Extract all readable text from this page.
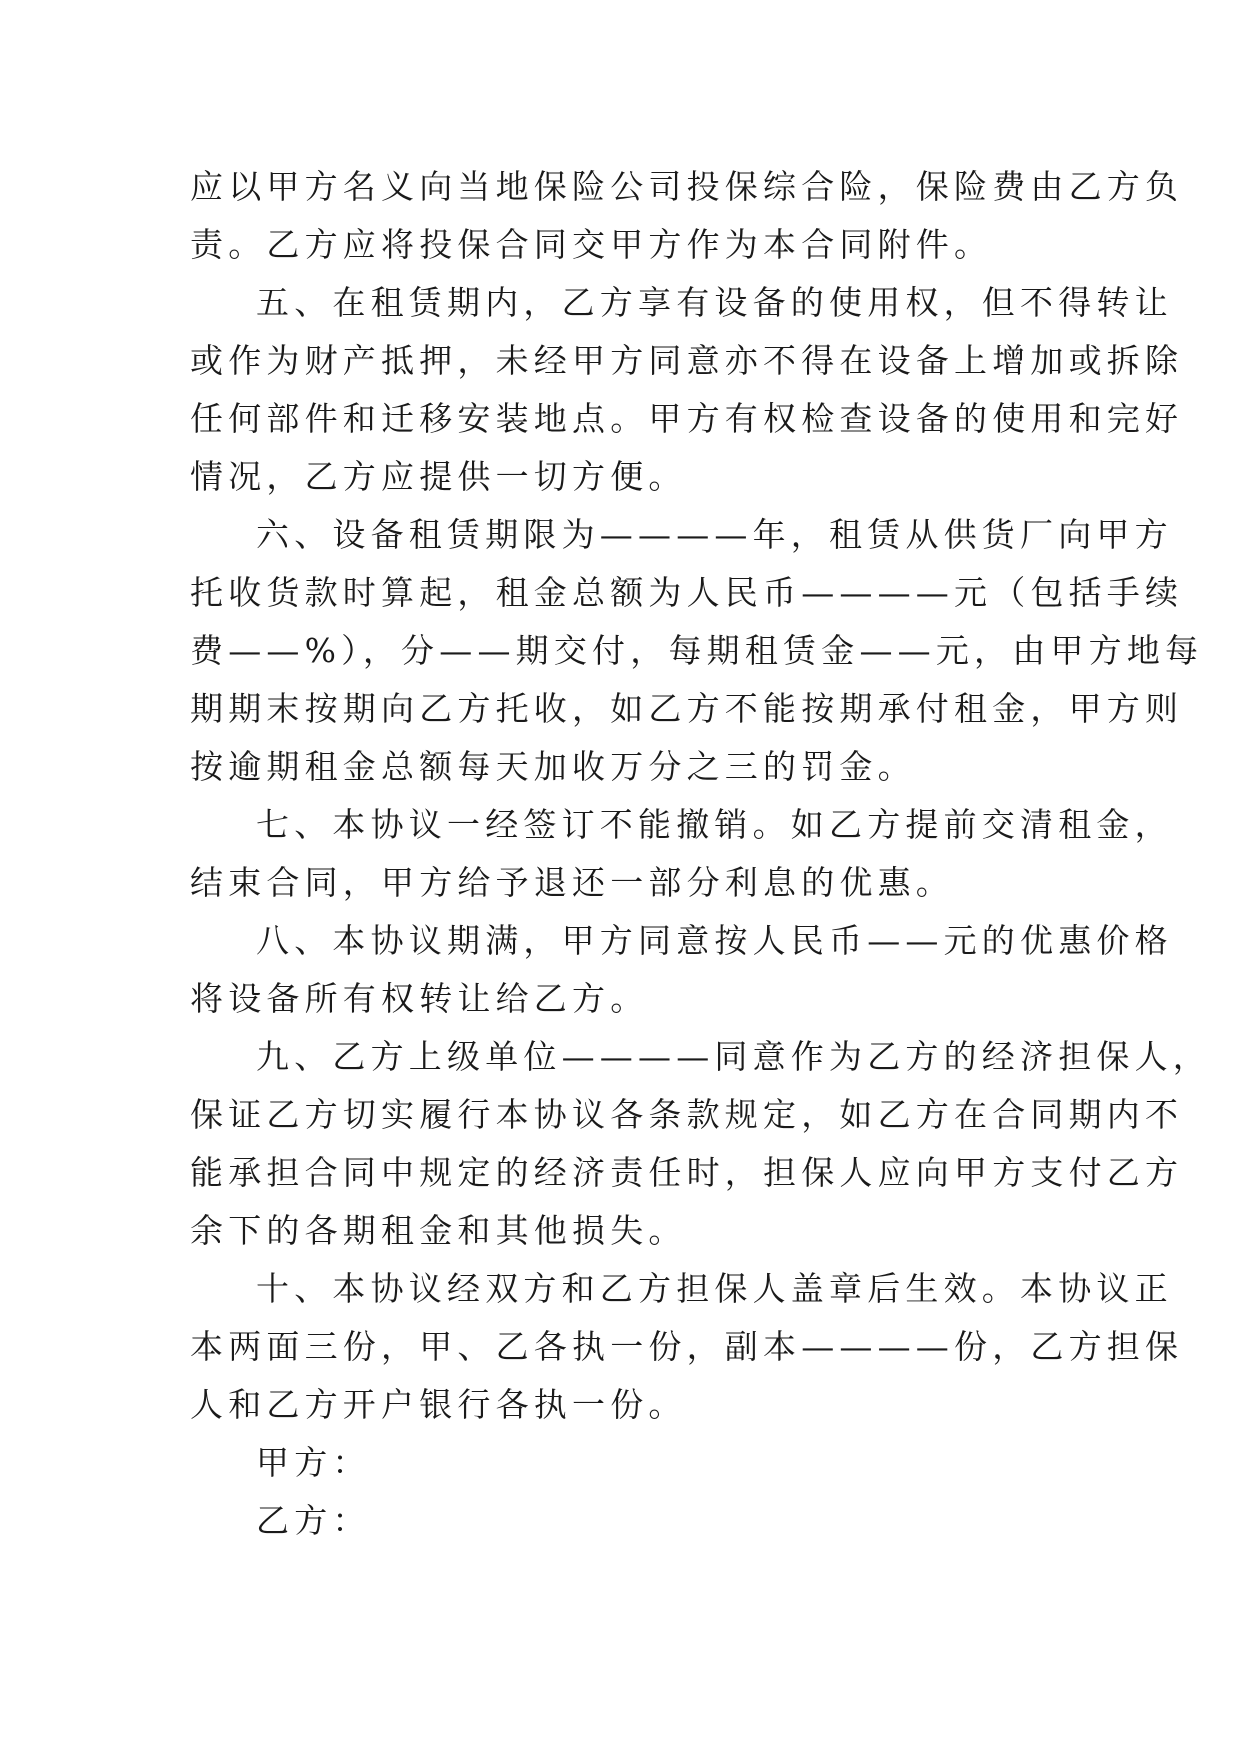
应以甲方名义向当地保险公司投保综合险，保险费由乙方负
责。乙方应将投保合同交甲方作为本合同附件。
五、在租赁期内，乙方享有设备的使用权，但不得转让
或作为财产抵押，未经甲方同意亦不得在设备上增加或拆除
任何部件和迁移安装地点。甲方有权检查设备的使用和完好
情况，乙方应提供一切方便。
六、设备租赁期限为————年，租赁从供货厂向甲方
托收货款时算起，租金总额为人民币————元（包括手续
费——%），分——期交付，每期租赁金——元，由甲方地每
期期末按期向乙方托收，如乙方不能按期承付租金，甲方则
按逾期租金总额每天加收万分之三的罚金。
七、本协议一经签订不能撤销。如乙方提前交清租金，
结束合同，甲方给予退还一部分利息的优惠。
八、本协议期满，甲方同意按人民币——元的优惠价格
将设备所有权转让给乙方。
九、乙方上级单位————同意作为乙方的经济担保人，
保证乙方切实履行本协议各条款规定，如乙方在合同期内不
能承担合同中规定的经济责任时，担保人应向甲方支付乙方
余下的各期租金和其他损失。
十、本协议经双方和乙方担保人盖章后生效。本协议正
本两面三份，甲、乙各执一份，副本————份，乙方担保
人和乙方开户银行各执一份。
甲方：
乙方：
